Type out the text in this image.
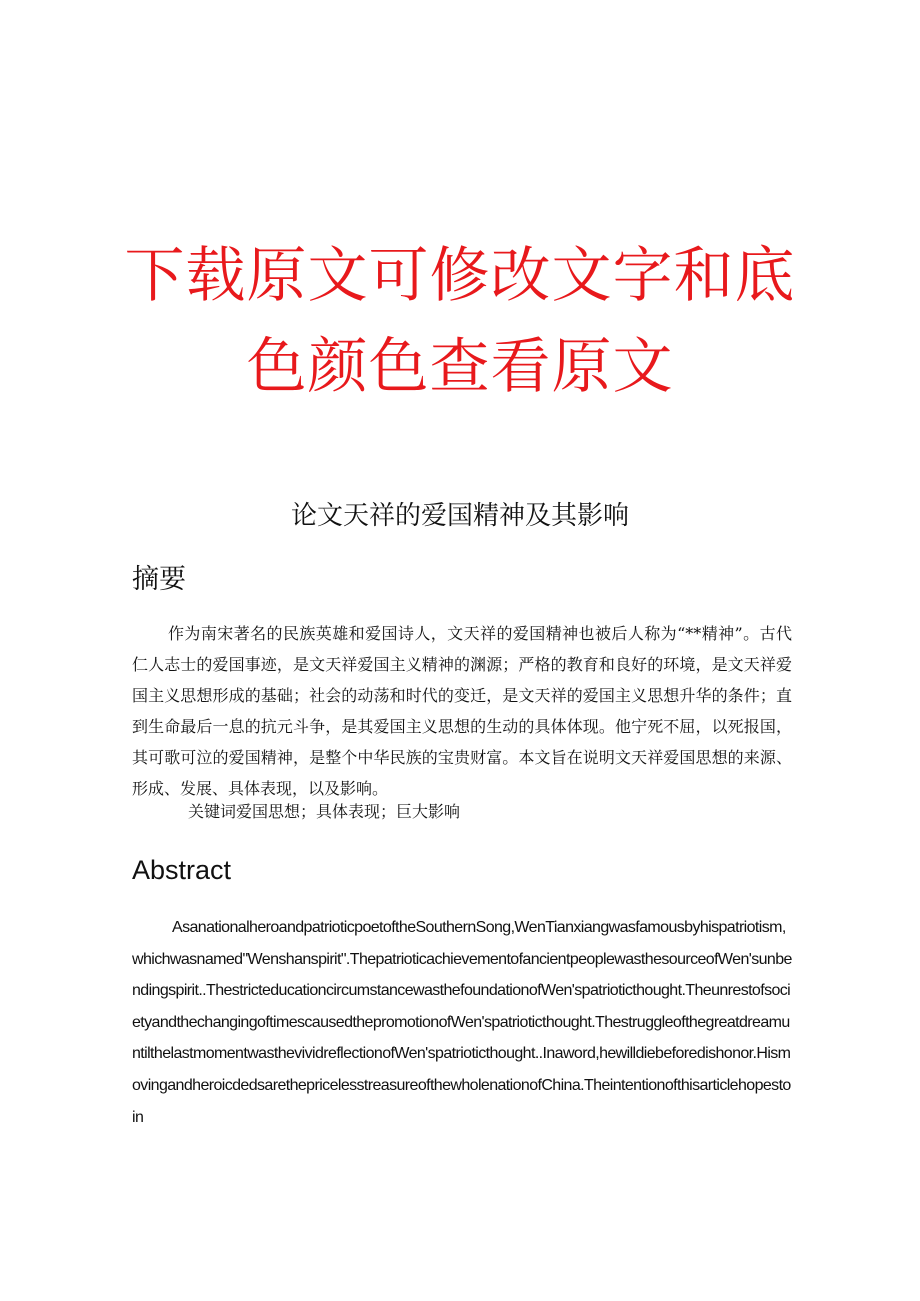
下载原文可修改文字和底
色颜色查看原文
论文天祥的爱国精神及其影响
摘要

作为南宋著名的民族英雄和爱国诗人，文天祥的爱国精神也被后人称为“**精神”。古代仁人志士的爱国事迹，是文天祥爱国主义精神的渊源；严格的教育和良好的环境，是文天祥爱国主义思想形成的基础；社会的动荡和时代的变迁，是文天祥的爱国主义思想升华的条件；直到生命最后一息的抗元斗争，是其爱国主义思想的生动的具体体现。他宁死不屈，以死报国，其可歌可泣的爱国精神，是整个中华民族的宝贵财富。本文旨在说明文天祥爱国思想的来源、形成、发展、具体表现，以及影响。

关键词爱国思想；具体表现；巨大影响
Abstract

AsanationalheroandpatrioticpoetoftheSouthernSong,WenTianxiangwasfamousbyhispatriotism,whichwasnamed"Wenshanspirit".ThepatrioticachievementofancientpeoplewasthesourceofWen'sunbendingspirit..ThestricteducationcircumstancewasthefoundationofWen'spatrioticthought.TheunrestofsocietyandthechangingoftimescausedthepromotionofWen'spatrioticthought.ThestruggleofthegreatdreamuntilthelastmomentwasthevividreflectionofWen'spatrioticthought..Inaword,hewilldiebeforedishonor.HismovingandheroicdedsarethepricelesstreasureofthewholenationofChina.Theintentionofthisarticlehopestoin
